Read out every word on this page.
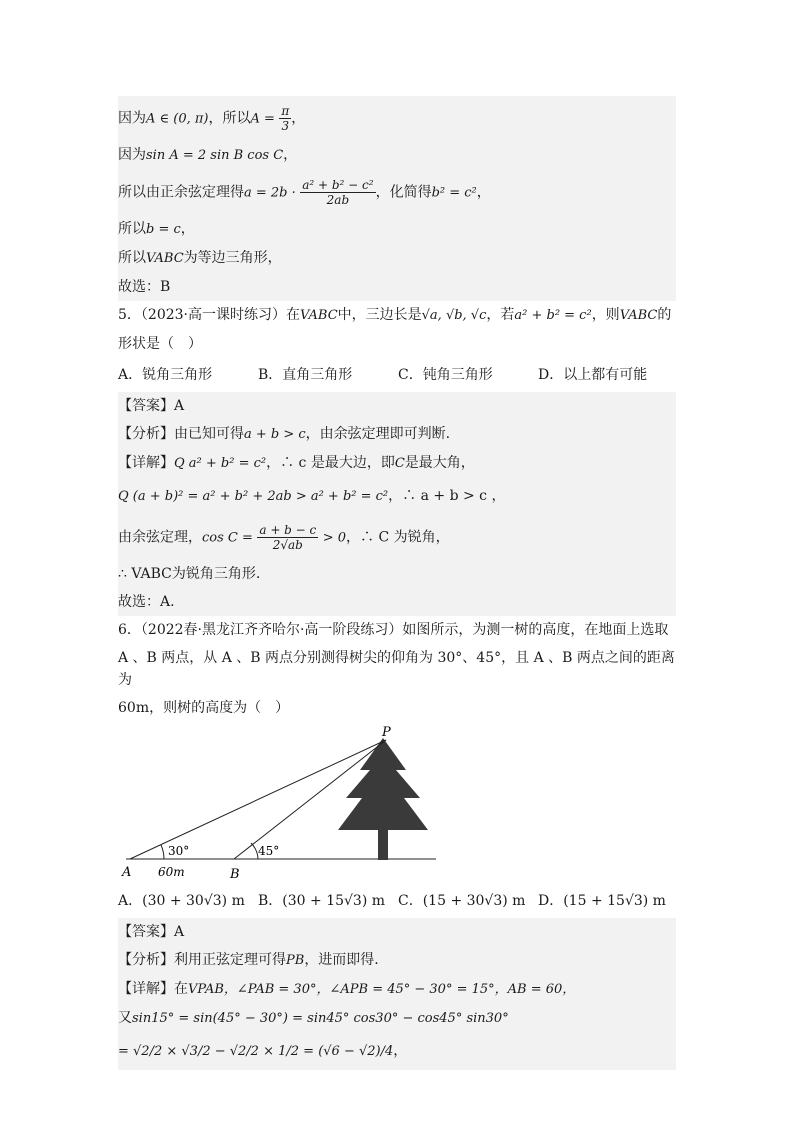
因为A ∈ (0, π)，所以$A = \frac{\pi}{3}$ ，
因为sin A = 2 sin B cos C，
所以由正余弦定理得$a = 2b \cdot \frac{\text{a² + b² − c²}}{2ab}$ ，化简得b² = c²，
所以b = c，
所以VABC为等边三角形，
故选：B
5．（2023·高一课时练习）在VABC中，三边长是√a, √b, √c，若a² + b² = c²，则VABC的
形状是（　）
A．锐角三角形	B．直角三角形	C．钝角三角形	D．以上都有可能
【答案】A
【分析】由已知可得a + b > c，由余弦定理即可判断.
【详解】Q a² + b² = c²，∴ c 是最大边，即C是最大角，
Q (a + b)² = a² + b² + 2ab > a² + b² = c²，∴ a + b > c ，
由余弦定理，$\cos C = \frac{a + b - c}{2√ab} > 0$，∴ C 为锐角，
∴ VABC为锐角三角形.
故选：A.
6．（2022春·黑龙江齐齐哈尔·高一阶段练习）如图所示，为测一树的高度，在地面上选取
A 、B 两点，从 A 、B 两点分别测得树尖的仰角为 30°、45°，且 A 、B 两点之间的距离为
60m，则树的高度为（　）
P
A	B
30°	45°
60m
A．(30 + 30√3) m B．(30 + 15√3) m C．(15 + 30√3) m D．(15 + 15√3) m
【答案】A
【分析】利用正弦定理可得PB，进而即得.
【详解】在VPAB，∠PAB = 30°，∠APB = 45° − 30° = 15°，AB = 60，
又sin15° = sin(45° − 30°) = sin45° cos30° − cos45° sin30°
= √2/2 × √3/2 − √2/2 × 1/2 = (√6 − √2)/4，
